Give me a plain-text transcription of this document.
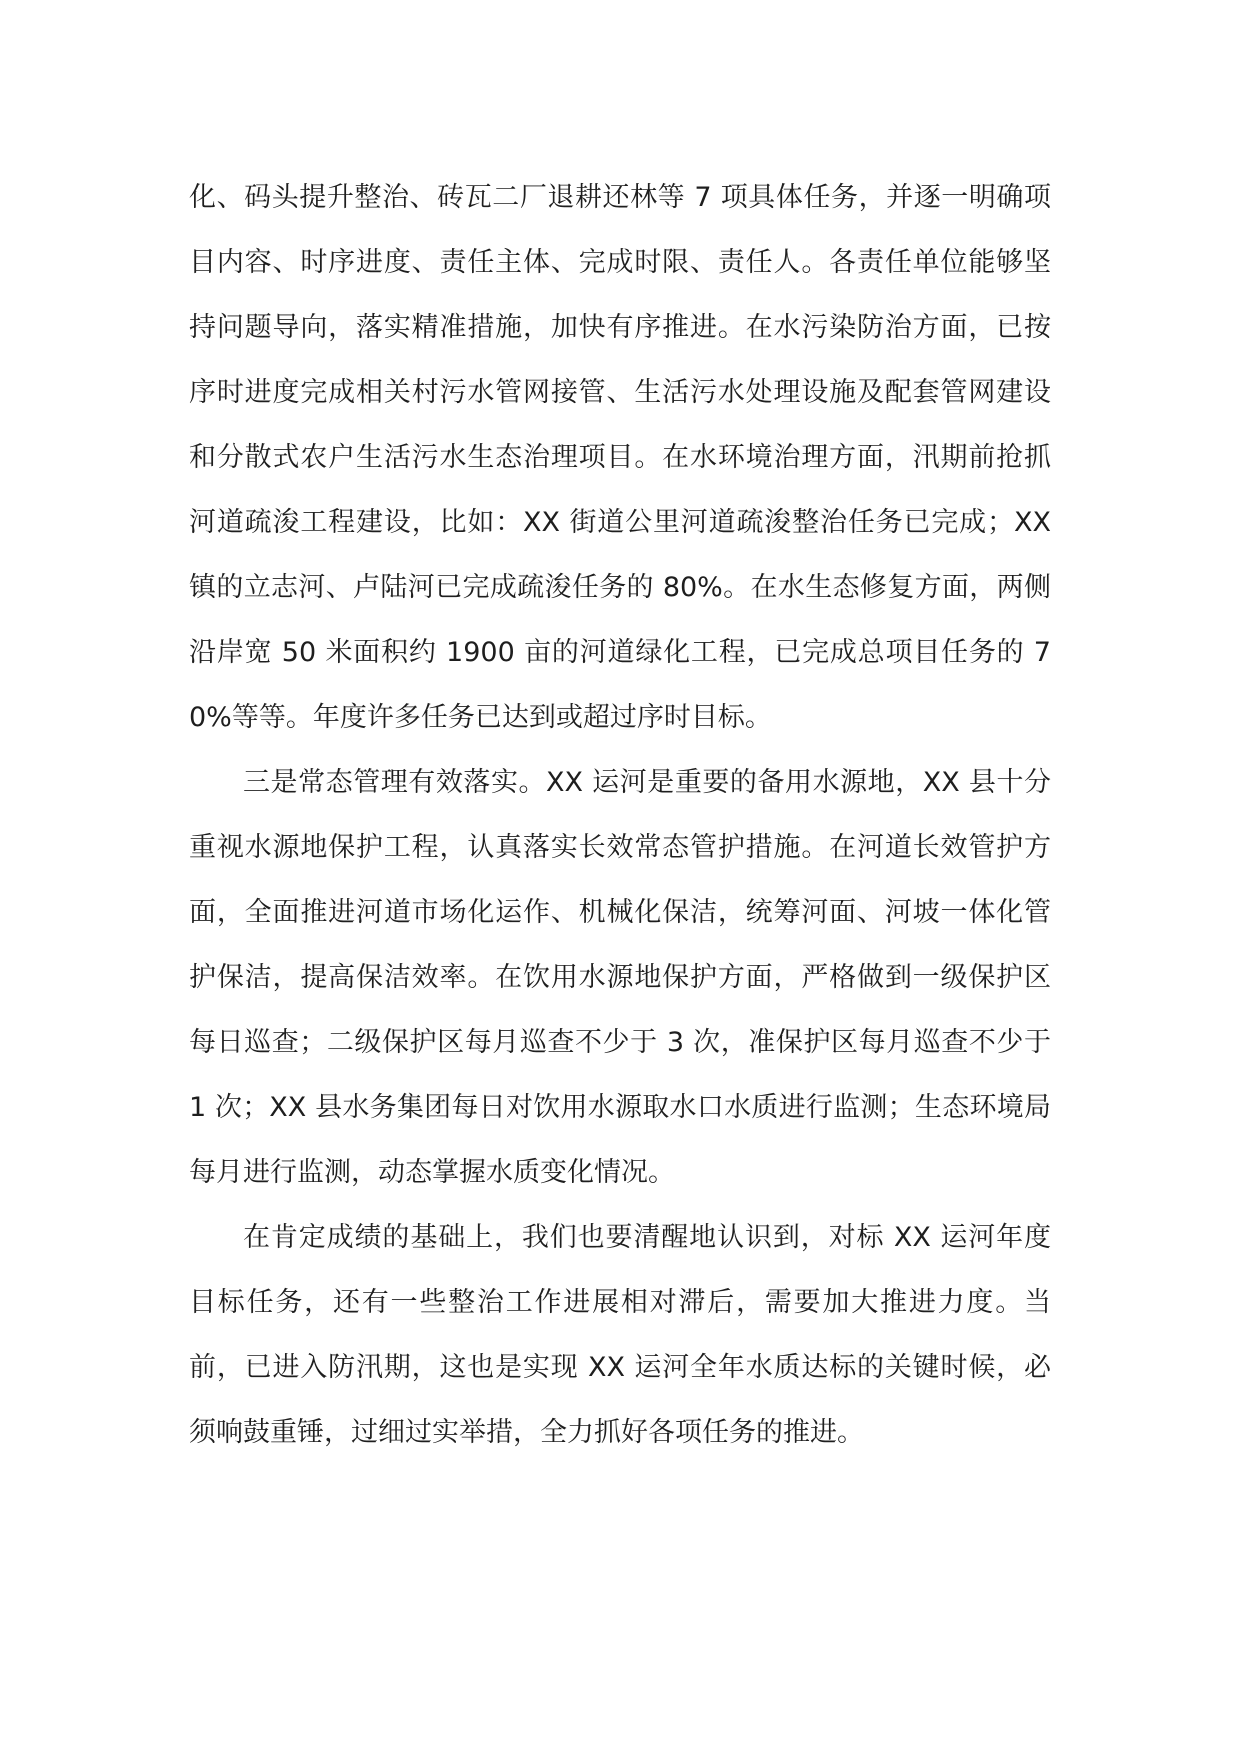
化、码头提升整治、砖瓦二厂退耕还林等 7 项具体任务，并逐一明确项目内容、时序进度、责任主体、完成时限、责任人。各责任单位能够坚持问题导向，落实精准措施，加快有序推进。在水污染防治方面，已按序时进度完成相关村污水管网接管、生活污水处理设施及配套管网建设和分散式农户生活污水生态治理项目。在水环境治理方面，汛期前抢抓河道疏浚工程建设，比如：XX 街道公里河道疏浚整治任务已完成；XX 镇的立志河、卢陆河已完成疏浚任务的 80%。在水生态修复方面，两侧沿岸宽 50 米面积约 1900 亩的河道绿化工程，已完成总项目任务的 70%等等。年度许多任务已达到或超过序时目标。

三是常态管理有效落实。XX 运河是重要的备用水源地，XX 县十分重视水源地保护工程，认真落实长效常态管护措施。在河道长效管护方面，全面推进河道市场化运作、机械化保洁，统筹河面、河坡一体化管护保洁，提高保洁效率。在饮用水源地保护方面，严格做到一级保护区每日巡查；二级保护区每月巡查不少于 3 次，准保护区每月巡查不少于 1 次；XX 县水务集团每日对饮用水源取水口水质进行监测；生态环境局每月进行监测，动态掌握水质变化情况。

在肯定成绩的基础上，我们也要清醒地认识到，对标 XX 运河年度目标任务，还有一些整治工作进展相对滞后，需要加大推进力度。当前，已进入防汛期，这也是实现 XX 运河全年水质达标的关键时候，必须响鼓重锤，过细过实举措，全力抓好各项任务的推进。
